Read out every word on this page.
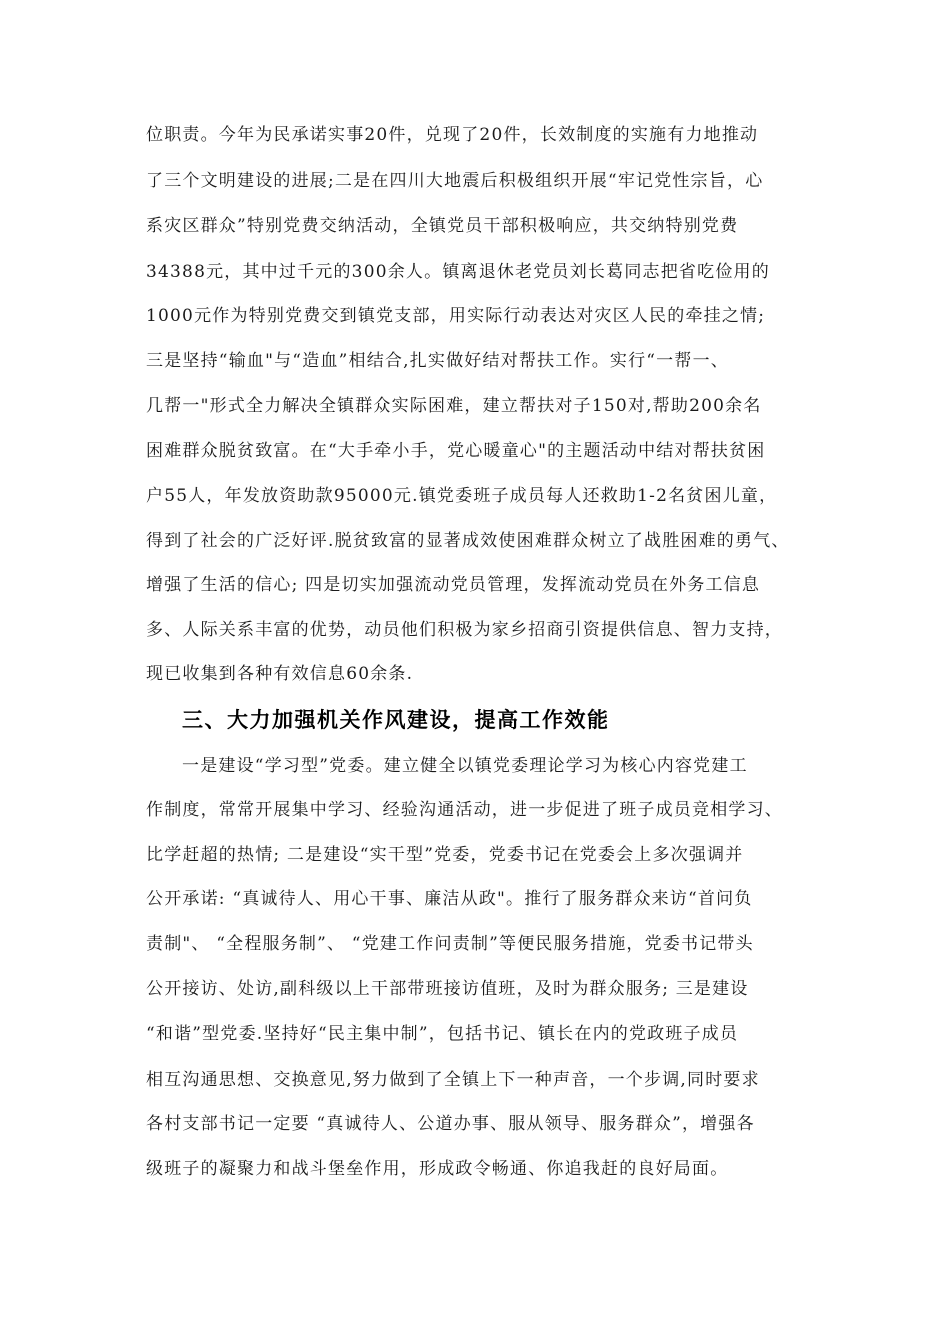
位职责。今年为民承诺实事20件，兑现了20件，长效制度的实施有力地推动
了三个文明建设的进展;二是在四川大地震后积极组织开展“牢记党性宗旨，心
系灾区群众”特别党费交纳活动，全镇党员干部积极响应，共交纳特别党费
34388元，其中过千元的300余人。镇离退休老党员刘长葛同志把省吃俭用的
1000元作为特别党费交到镇党支部，用实际行动表达对灾区人民的牵挂之情;
三是坚持“输血"与“造血”相结合,扎实做好结对帮扶工作。实行“一帮一、
几帮一"形式全力解决全镇群众实际困难，建立帮扶对子150对,帮助200余名
困难群众脱贫致富。在“大手牵小手，党心暖童心"的主题活动中结对帮扶贫困
户55人，年发放资助款95000元.镇党委班子成员每人还救助1-2名贫困儿童，
得到了社会的广泛好评.脱贫致富的显著成效使困难群众树立了战胜困难的勇气、
增强了生活的信心; 四是切实加强流动党员管理，发挥流动党员在外务工信息
多、人际关系丰富的优势，动员他们积极为家乡招商引资提供信息、智力支持，
现已收集到各种有效信息60余条.
三、大力加强机关作风建设，提高工作效能
一是建设“学习型”党委。建立健全以镇党委理论学习为核心内容党建工
作制度，常常开展集中学习、经验沟通活动，进一步促进了班子成员竞相学习、
比学赶超的热情; 二是建设“实干型”党委，党委书记在党委会上多次强调并
公开承诺: “真诚待人、用心干事、廉洁从政"。推行了服务群众来访“首问负
责制"、 “全程服务制”、 “党建工作问责制”等便民服务措施，党委书记带头
公开接访、处访,副科级以上干部带班接访值班，及时为群众服务; 三是建设
“和谐”型党委.坚持好“民主集中制”，包括书记、镇长在内的党政班子成员
相互沟通思想、交换意见,努力做到了全镇上下一种声音，一个步调,同时要求
各村支部书记一定要 “真诚待人、公道办事、服从领导、服务群众”，增强各
级班子的凝聚力和战斗堡垒作用，形成政令畅通、你追我赶的良好局面。
